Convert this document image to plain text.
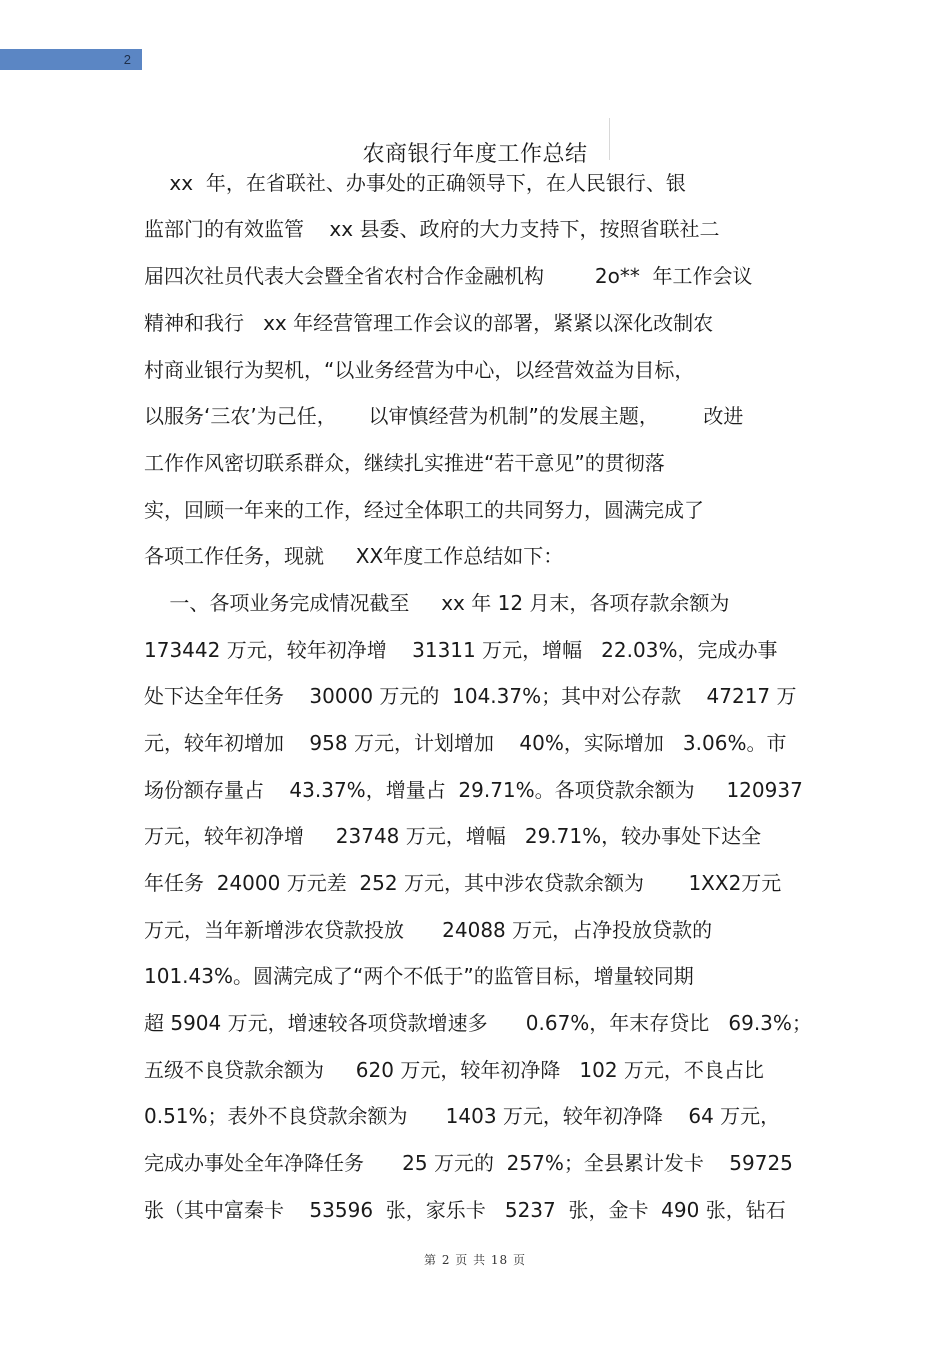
2
农商银行年度工作总结
xx  年，在省联社、办事处的正确领导下，在人民银行、银
监部门的有效监管    xx 县委、政府的大力支持下，按照省联社二
届四次社员代表大会暨全省农村合作金融机构        2o**  年工作会议
精神和我行   xx 年经营管理工作会议的部署，紧紧以深化改制农
村商业银行为契机，“以业务经营为中心，以经营效益为目标，
以服务‘三农’为己任，     以审慎经营为机制”的发展主题，       改进
工作作风密切联系群众，继续扎实推进“若干意见”的贯彻落
实，回顾一年来的工作，经过全体职工的共同努力，圆满完成了
各项工作任务，现就     XX年度工作总结如下：
一、各项业务完成情况截至     xx 年 12 月末，各项存款余额为
173442 万元，较年初净增    31311 万元，增幅   22.03%，完成办事
处下达全年任务    30000 万元的  104.37%；其中对公存款    47217 万
元，较年初增加    958 万元，计划增加    40%，实际增加   3.06%。市
场份额存量占    43.37%，增量占  29.71%。各项贷款余额为     120937
万元，较年初净增     23748 万元，增幅   29.71%，较办事处下达全
年任务  24000 万元差  252 万元，其中涉农贷款余额为       1XX2万元
万元，当年新增涉农贷款投放      24088 万元，占净投放贷款的
101.43%。圆满完成了“两个不低于”的监管目标，增量较同期
超 5904 万元，增速较各项贷款增速多      0.67%，年末存贷比   69.3%；
五级不良贷款余额为     620 万元，较年初净降   102 万元，不良占比
0.51%；表外不良贷款余额为      1403 万元，较年初净降    64 万元，
完成办事处全年净降任务      25 万元的  257%；全县累计发卡    59725
张（其中富秦卡    53596  张，家乐卡   5237  张，金卡  490 张，钻石
第 2 页 共 18 页
